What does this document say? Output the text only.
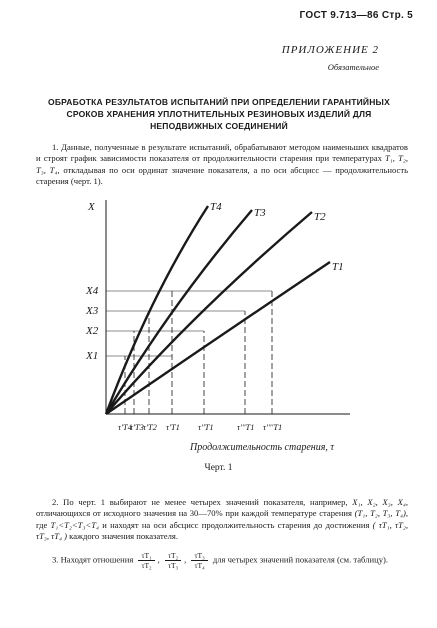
ГОСТ 9.713—86 Стр. 5
ПРИЛОЖЕНИЕ 2
Обязательное
ОБРАБОТКА РЕЗУЛЬТАТОВ ИСПЫТАНИЙ ПРИ ОПРЕДЕЛЕНИИ ГАРАНТИЙНЫХ СРОКОВ ХРАНЕНИЯ УПЛОТНИТЕЛЬНЫХ РЕЗИНОВЫХ ИЗДЕЛИЙ ДЛЯ НЕПОДВИЖНЫХ СОЕДИНЕНИЙ
1. Данные, полученные в результате испытаний, обрабатывают методом наименьших квадратов и строят график зависимости показателя от продолжительности старения при температурах T₁, T₂, T₃, T₄, откладывая по оси ординат значение показателя, а по оси абсцисс — продолжительность старения (черт. 1).
X	T4	T3	T2
T1
X4
X3
X2
X1
τ'T4
τ'T3 τ'T2 τ'T1 τ''T1	τ'''T1 τ''''T1
Продолжительность старения, τ
Черт. 1
2. По черт. 1 выбирают не менее четырех значений показателя, например, X₁, X₂, X₃, X₄, отличающихся от исходного значения на 30—70% при каждой температуре старения (T₁, T₂, T₃, T₄), где T₁<T₂<T₃<T₄ и находят на оси абсцисс продолжительность старения до достижения ( τT₁, τT₂, τT₃, τT₄ ) каждого значения показателя.
3. Находят отношения $\frac{\text{τT₁}}{\text{τT₂}}$ , $\frac{\text{τT₂}}{\text{τT₃}}$ , $\frac{\text{τT₃}}{\text{τT₄}}$ для четырех значений показателя (см. таблицу).
